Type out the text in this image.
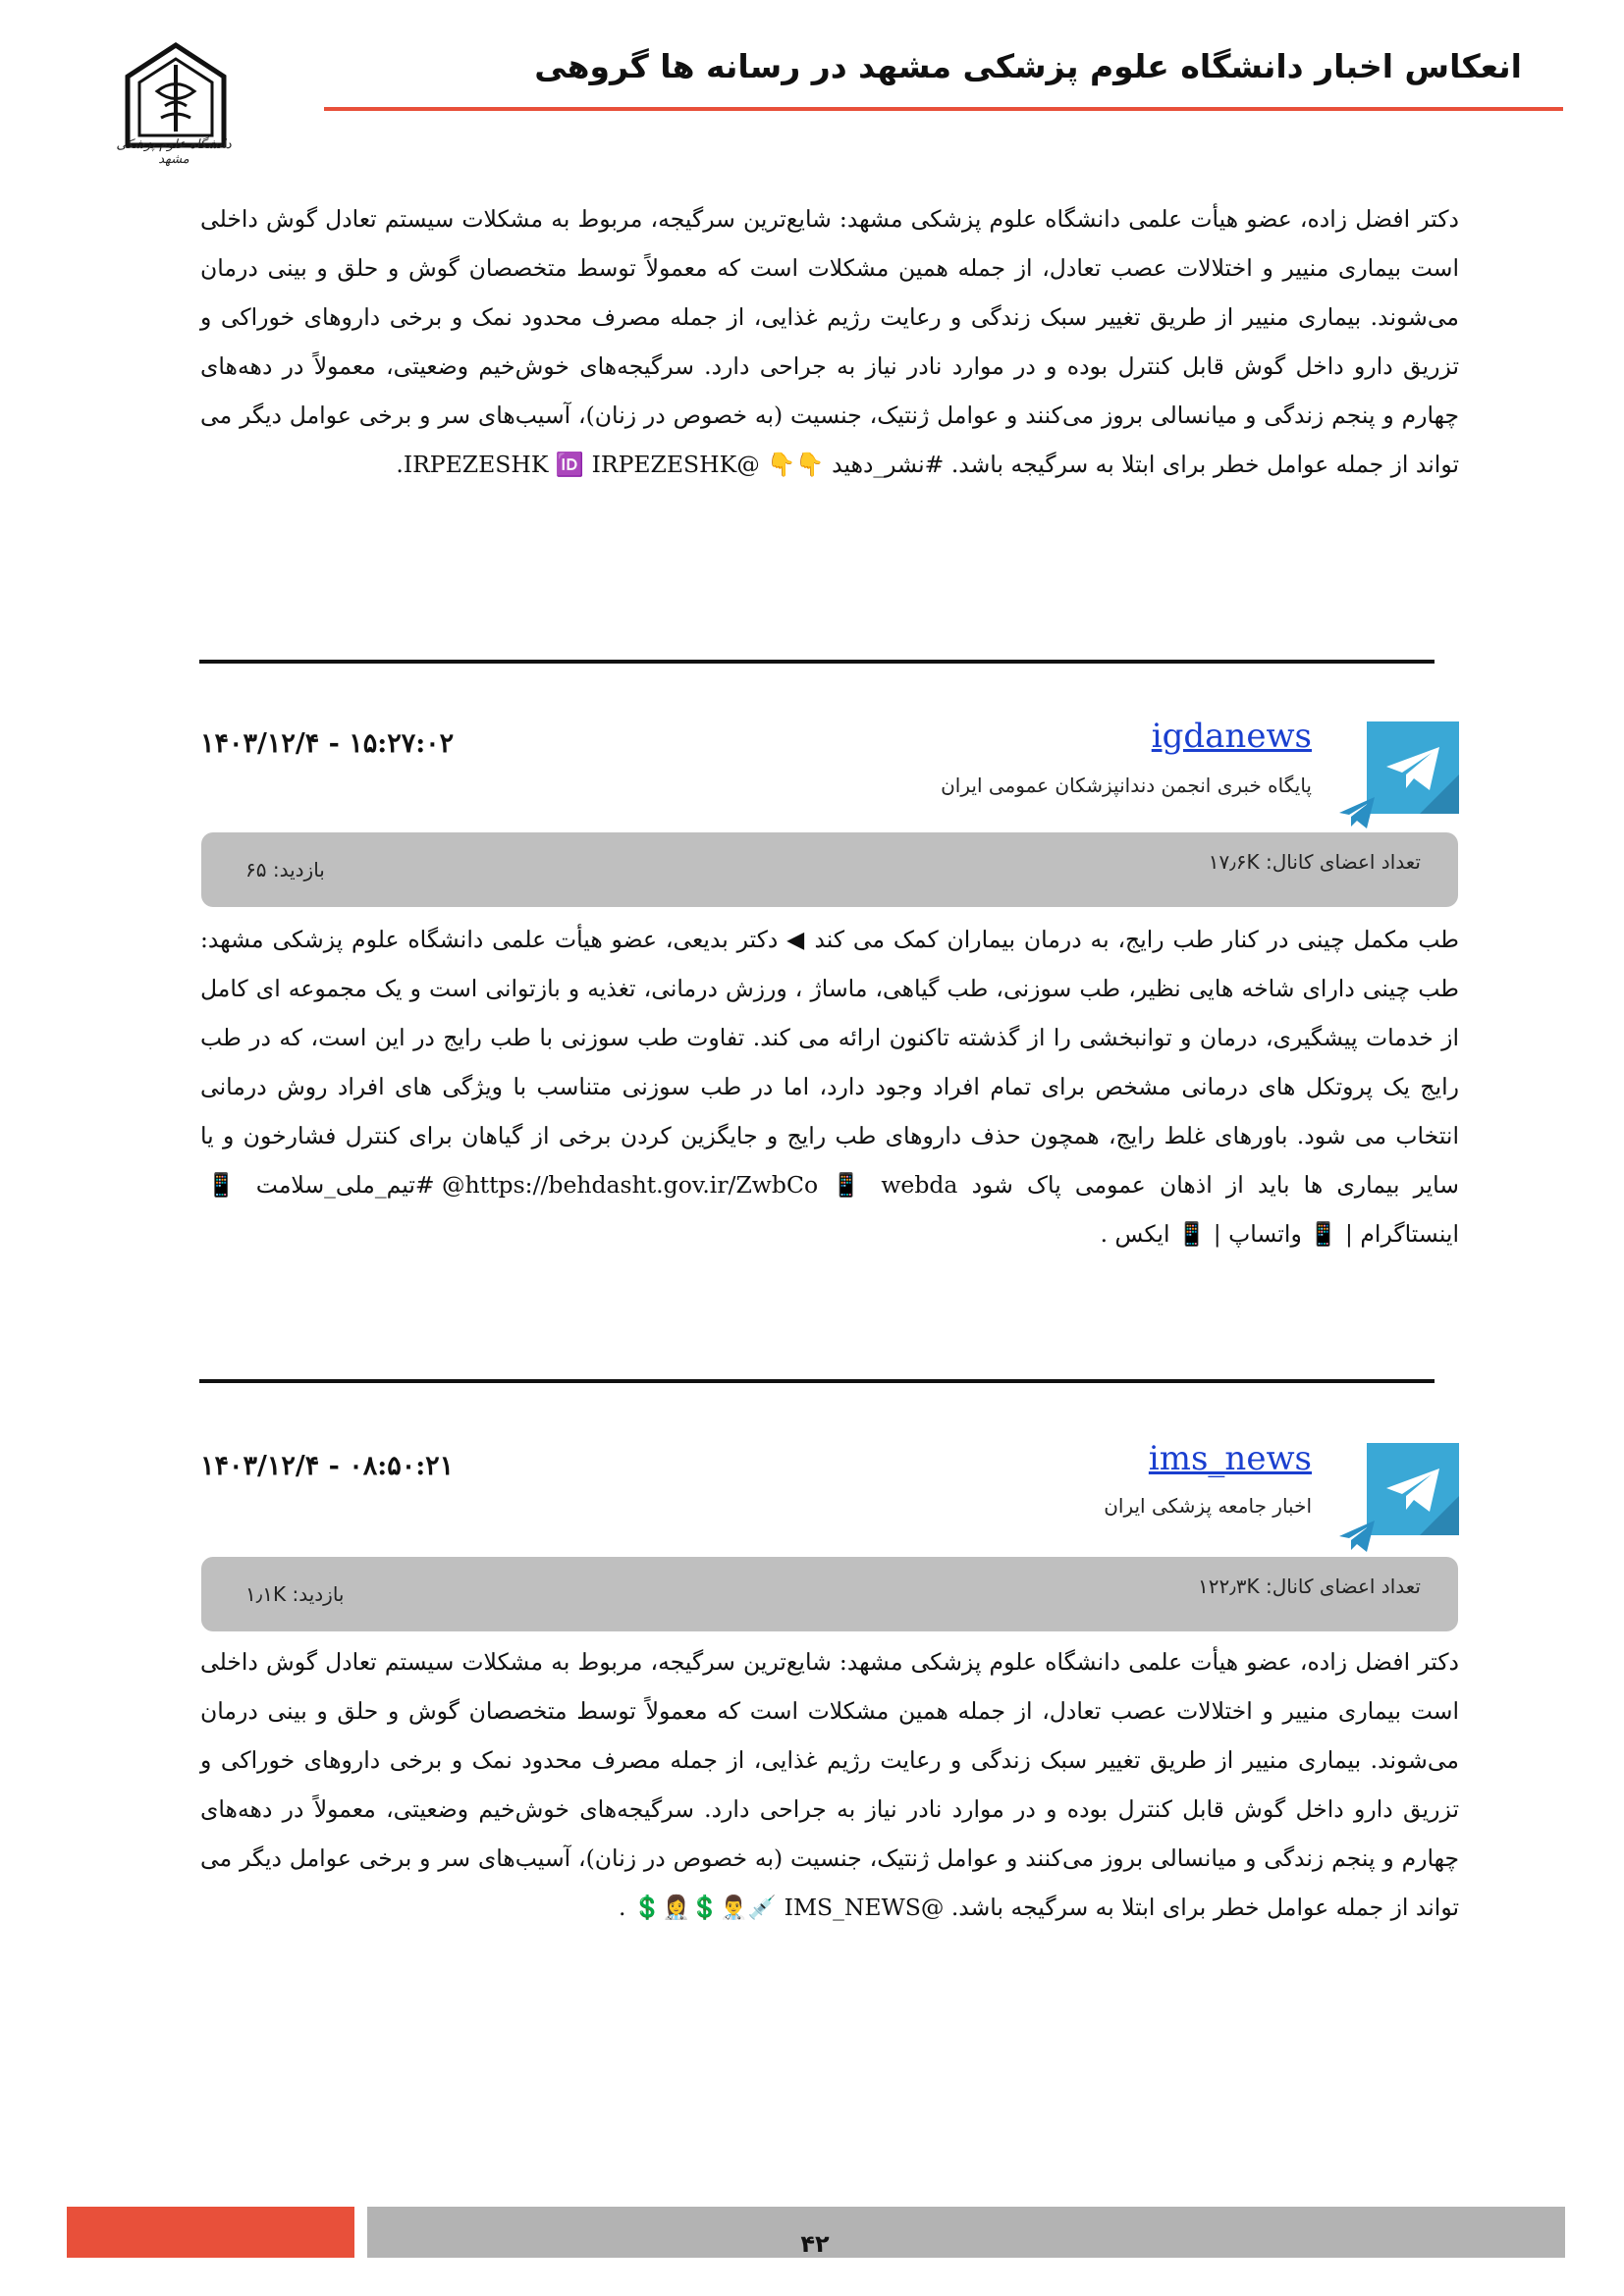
انعکاس اخبار دانشگاه علوم پزشکی مشهد در رسانه ها گروهی
دانشگاه علوم پزشکی مشهد
دکتر افضل زاده، عضو هیأت علمی دانشگاه علوم پزشکی مشهد: شایع‌ترین سرگیجه، مربوط به مشکلات سیستم تعادل گوش داخلی است بیماری منییر و اختلالات عصب تعادل، از جمله همین مشکلات است که معمولاً توسط متخصصان گوش و حلق و بینی درمان می‌شوند. بیماری منییر از طریق تغییر سبک زندگی و رعایت رژیم غذایی، از جمله مصرف محدود نمک و برخی داروهای خوراکی و تزریق دارو داخل گوش قابل کنترل بوده و در موارد نادر نیاز به جراحی دارد. سرگیجه‌های خوش‌خیم وضعیتی، معمولاً در دهه‌های چهارم و پنجم زندگی و میانسالی بروز می‌کنند و عوامل ژنتیک، جنسیت (به خصوص در زنان)، آسیب‌های سر و برخی عوامل دیگر می تواند از جمله عوامل خطر برای ابتلا به سرگیجه باشد. #نشر_دهید 👇👇 @IRPEZESHK 🆔 IRPEZESHK.
۱۴۰۳/۱۲/۴ - ۱۵:۲۷:۰۲	igdanews
پایگاه خبری انجمن دندانپزشکان عمومی ایران
تعداد اعضای کانال: ۱۷٫۶K
بازدید: ۶۵
طب مکمل چینی در کنار طب رایج، به درمان بیماران کمک می کند ◀ دکتر بدیعی، عضو هیأت علمی دانشگاه علوم پزشکی مشهد: طب چینی دارای شاخه هایی نظیر، طب سوزنی، طب گیاهی، ماساژ ، ورزش درمانی، تغذیه و بازتوانی است و یک مجموعه ای کامل از خدمات پیشگیری، درمان و توانبخشی را از گذشته تاکنون ارائه می کند. تفاوت طب سوزنی با طب رایج در این است، که در طب رایج یک پروتکل های درمانی مشخص برای تمام افراد وجود دارد، اما در طب سوزنی متناسب با ویژگی های افراد روش درمانی انتخاب می شود. باورهای غلط رایج، همچون حذف داروهای طب رایج و جایگزین کردن برخی از گیاهان برای کنترل فشارخون و یا سایر بیماری ها باید از اذهان عمومی پاک شود https://behdasht.gov.ir/ZwbCo 📱 webda@ #تیم_ملی_سلامت 📱 اینستاگرام | 📱 واتساپ | 📱 ایکس .
۱۴۰۳/۱۲/۴ - ۰۸:۵۰:۲۱	ims_news
اخبار جامعه پزشکی ایران
تعداد اعضای کانال: ۱۲۲٫۳K
بازدید: ۱٫۱K
دکتر افضل زاده، عضو هیأت علمی دانشگاه علوم پزشکی مشهد: شایع‌ترین سرگیجه، مربوط به مشکلات سیستم تعادل گوش داخلی است بیماری منییر و اختلالات عصب تعادل، از جمله همین مشکلات است که معمولاً توسط متخصصان گوش و حلق و بینی درمان می‌شوند. بیماری منییر از طریق تغییر سبک زندگی و رعایت رژیم غذایی، از جمله مصرف محدود نمک و برخی داروهای خوراکی و تزریق دارو داخل گوش قابل کنترل بوده و در موارد نادر نیاز به جراحی دارد. سرگیجه‌های خوش‌خیم وضعیتی، معمولاً در دهه‌های چهارم و پنجم زندگی و میانسالی بروز می‌کنند و عوامل ژنتیک، جنسیت (به خصوص در زنان)، آسیب‌های سر و برخی عوامل دیگر می تواند از جمله عوامل خطر برای ابتلا به سرگیجه باشد. @IMS_NEWS 💉👨‍⚕️💲👩‍⚕️💲 .
۴۲
